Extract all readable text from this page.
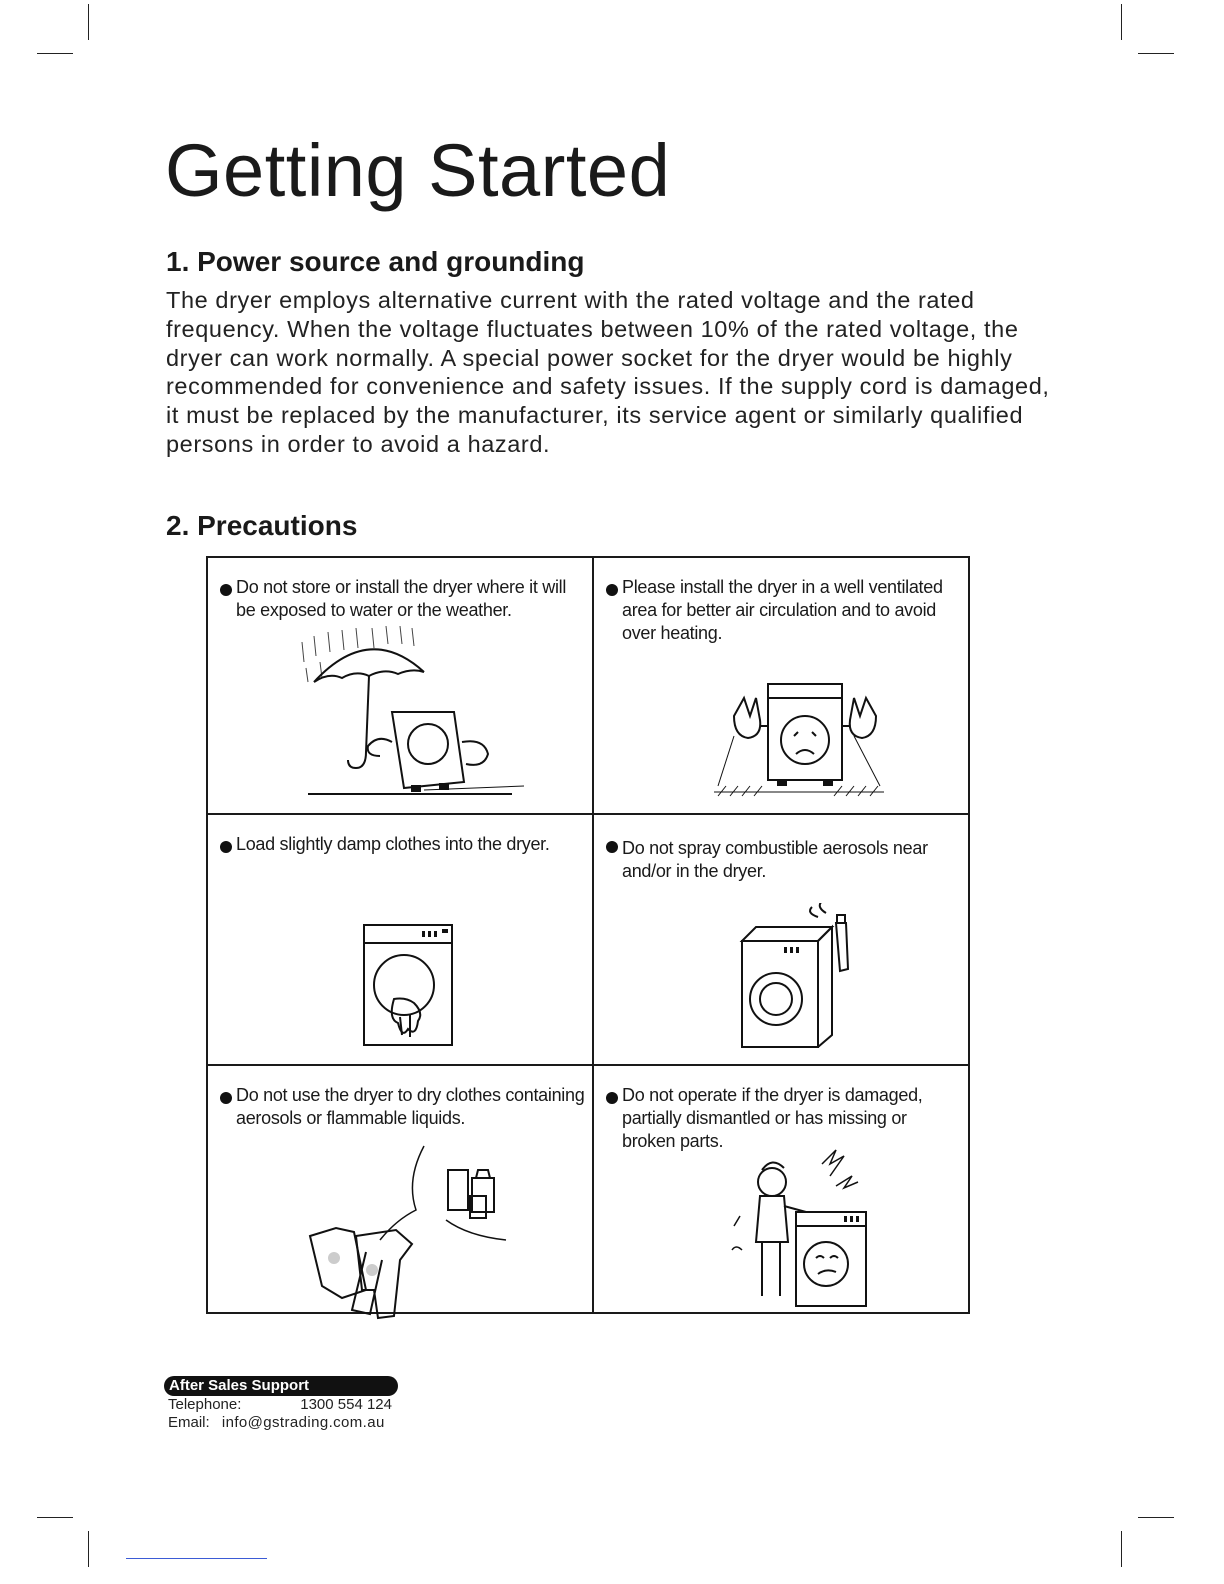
Getting Started
1. Power source and grounding

The dryer employs alternative current with the rated voltage and the rated frequency. When the voltage fluctuates between 10% of the rated voltage, the dryer can work normally. A special power socket for the dryer would be highly recommended for convenience and safety issues. If the supply cord is damaged, it must be replaced by the manufacturer, its service agent or similarly qualified persons in order to avoid a hazard.

2. Precautions
Do not store or install the dryer where it will be exposed to water or the weather.
Please install the dryer in a well ventilated area for better air circulation and to avoid over heating.
Load slightly damp clothes into the dryer.	Do not spray combustible aerosols near and/or in the dryer.
Do not use the dryer to dry clothes containing aerosols or flammable liquids.
Do not operate if the dryer is damaged, partially dismantled or has missing or broken parts.
After Sales Support
Telephone:	1300 554 124
Email: info@gstrading.com.au
